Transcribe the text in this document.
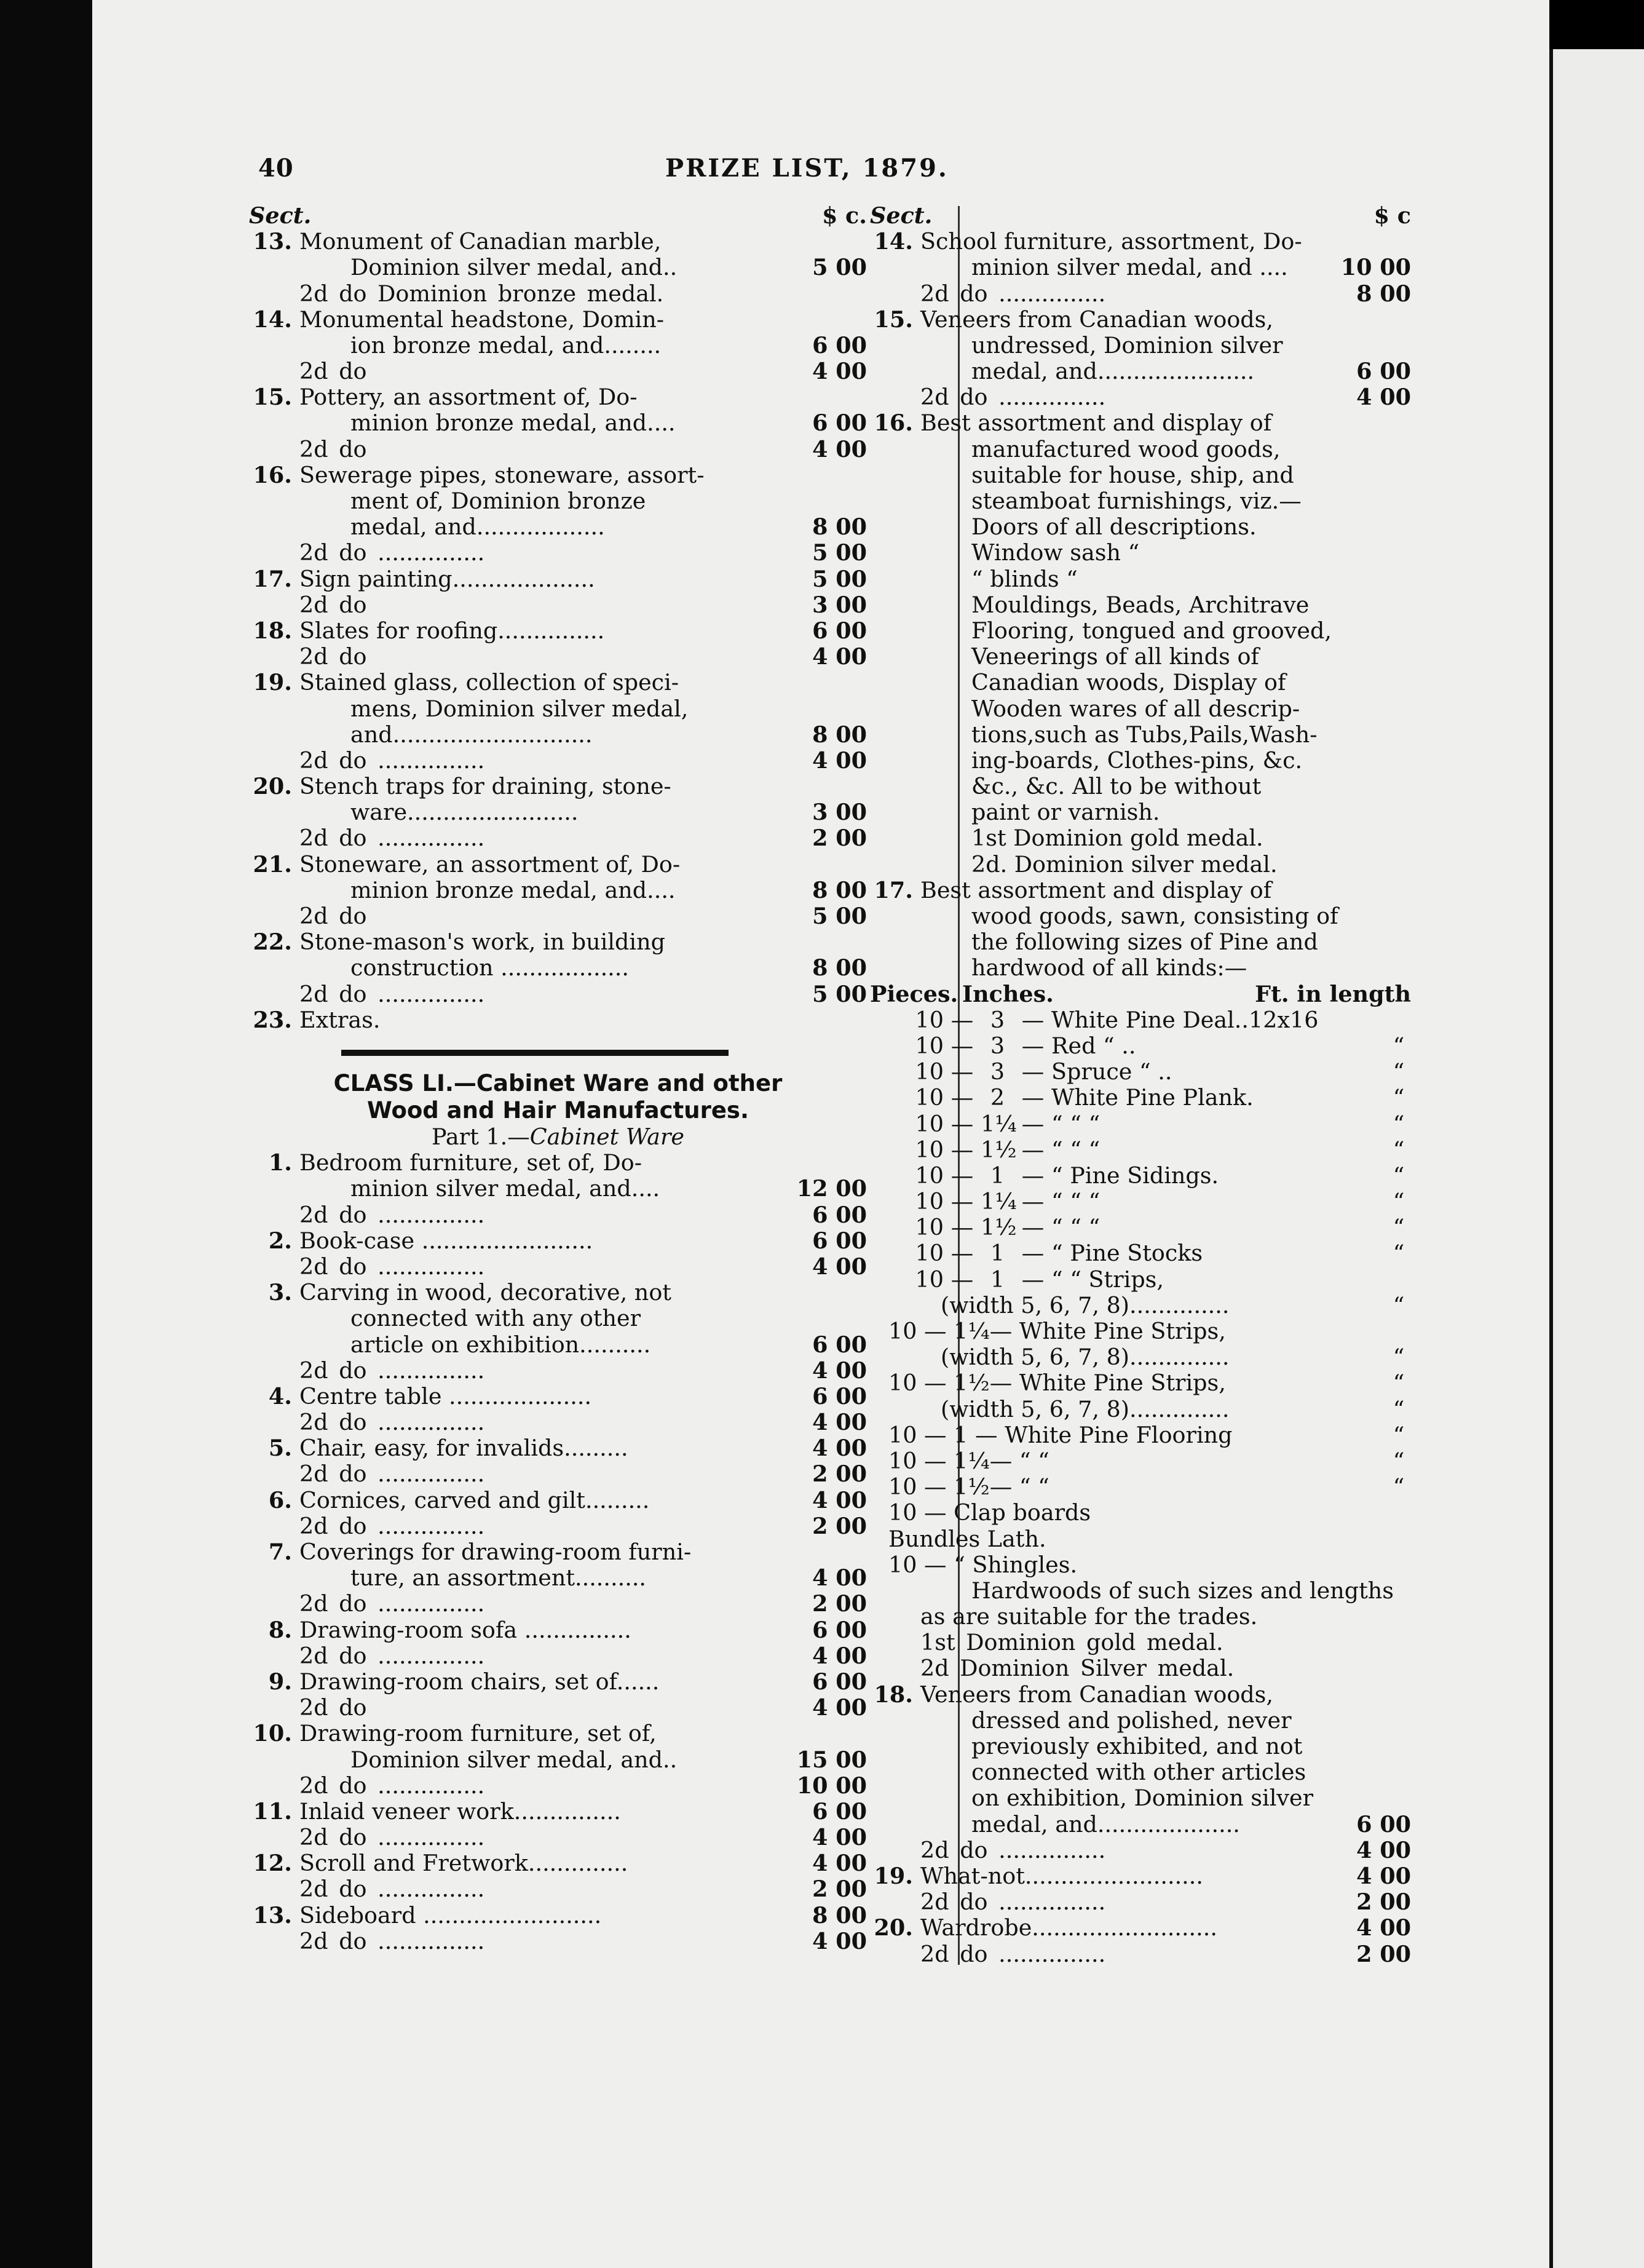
40	PRIZE LIST, 1879.
Sect.	$ c.
13. Monument of Canadian marble,
Dominion silver medal, and..	5 00
2d do Dominion bronze medal.
14. Monumental headstone, Domin-
ion bronze medal, and........	6 00
2d do	4 00
15. Pottery, an assortment of, Do-
minion bronze medal, and....	6 00
2d do	4 00
16. Sewerage pipes, stoneware, assort-
ment of, Dominion bronze
medal, and..................	8 00
2d do ...............	5 00
17. Sign painting....................	5 00
2d do	3 00
18. Slates for roofing...............	6 00
2d do	4 00
19. Stained glass, collection of speci-
mens, Dominion silver medal,
and............................	8 00
2d do ...............	4 00
20. Stench traps for draining, stone-
ware........................	3 00
2d do ...............	2 00
21. Stoneware, an assortment of, Do-
minion bronze medal, and....	8 00
2d do	5 00
22. Stone-mason's work, in building
construction ..................	8 00
2d do ...............	5 00
23. Extras.
CLASS LI.—Cabinet Ware and other
Wood and Hair Manufactures.
Part 1.—Cabinet Ware
1. Bedroom furniture, set of, Do-
minion silver medal, and....	12 00
2d do ...............	6 00
2. Book-case ........................	6 00
2d do ...............	4 00
3. Carving in wood, decorative, not
connected with any other
article on exhibition..........	6 00
2d do ...............	4 00
4. Centre table ....................	6 00
2d do ...............	4 00
5. Chair, easy, for invalids.........	4 00
2d do ...............	2 00
6. Cornices, carved and gilt.........	4 00
2d do ...............	2 00
7. Coverings for drawing-room furni-
ture, an assortment..........	4 00
2d do ...............	2 00
8. Drawing-room sofa ...............	6 00
2d do ...............	4 00
9. Drawing-room chairs, set of......	6 00
2d do	4 00
10. Drawing-room furniture, set of,
Dominion silver medal, and..	15 00
2d do ...............	10 00
11. Inlaid veneer work...............	6 00
2d do ...............	4 00
12. Scroll and Fretwork..............	4 00
2d do ...............	2 00
13. Sideboard .........................	8 00
2d do ...............	4 00
Sect.	$ c
14. School furniture, assortment, Do-
minion silver medal, and ....	10 00
2d do ...............	8 00
15. Veneers from Canadian woods,
undressed, Dominion silver
medal, and......................	6 00
2d do ...............	4 00
16. Best assortment and display of
manufactured wood goods,
suitable for house, ship, and
steamboat furnishings, viz.—
Doors of all descriptions.
Window sash “
“ blinds “
Mouldings, Beads, Architrave
Flooring, tongued and grooved,
Veneerings of all kinds of
Canadian woods, Display of
Wooden wares of all descrip-
tions,such as Tubs,Pails,Wash-
ing-boards, Clothes-pins, &c.
&c., &c. All to be without
paint or varnish.
1st Dominion gold medal.
2d. Dominion silver medal.
17. Best assortment and display of
wood goods, sawn, consisting of
the following sizes of Pine and
hardwood of all kinds:—
Pieces. Inches.	Ft. in length
10 — 3 — White Pine Deal..12x16
10 — 3 — Red “ ..	“
10 — 3 — Spruce “ ..	“
10 — 2 — White Pine Plank.	“
10 — 1¼ — “ “ “	“
10 — 1½ — “ “ “	“
10 — 1 — “ Pine Sidings.	“
10 — 1¼ — “ “ “	“
10 — 1½ — “ “ “	“
10 — 1 — “ Pine Stocks	“
10 — 1 — “ “ Strips,
(width 5, 6, 7, 8)..............	“
10 — 1¼— White Pine Strips,
(width 5, 6, 7, 8)..............	“
10 — 1½— White Pine Strips,	“
(width 5, 6, 7, 8)..............	“
10 — 1 — White Pine Flooring	“
10 — 1¼— “ “	“
10 — 1½— “ “	“
10 — Clap boards
Bundles Lath.
10 — “ Shingles.
Hardwoods of such sizes and lengths
as are suitable for the trades.
1st Dominion gold medal.
2d Dominion Silver medal.
18. Veneers from Canadian woods,
dressed and polished, never
previously exhibited, and not
connected with other articles
on exhibition, Dominion silver
medal, and....................	6 00
2d do ...............	4 00
19. What-not.........................	4 00
2d do ...............	2 00
20. Wardrobe..........................	4 00
2d do ...............	2 00
